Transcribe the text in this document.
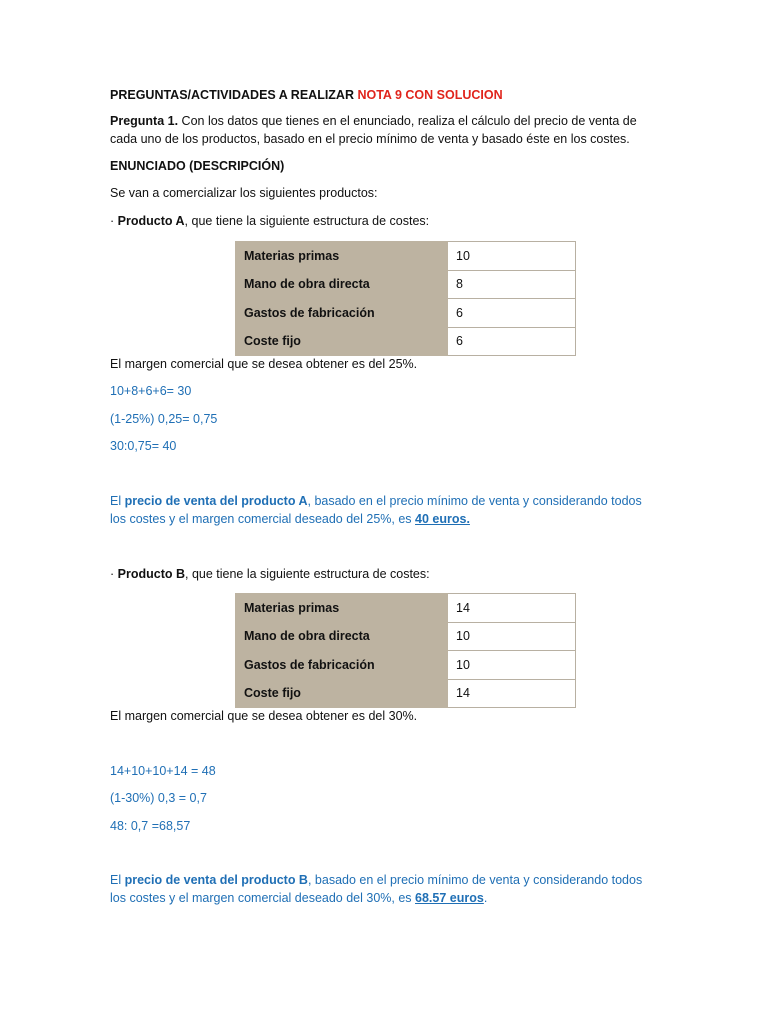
PREGUNTAS/ACTIVIDADES A REALIZAR NOTA 9 CON SOLUCION
Pregunta 1. Con los datos que tienes en el enunciado, realiza el cálculo del precio de venta de
cada uno de los productos, basado en el precio mínimo de venta y basado éste en los costes.
ENUNCIADO (DESCRIPCIÓN)
Se van a comercializar los siguientes productos:
· Producto A, que tiene la siguiente estructura de costes:
Materias primas	10
Mano de obra directa	8
Gastos de fabricación	6
Coste fijo	6
El margen comercial que se desea obtener es del 25%.
10+8+6+6= 30
(1-25%) 0,25= 0,75
30:0,75= 40
El precio de venta del producto A, basado en el precio mínimo de venta y considerando todos
los costes y el margen comercial deseado del 25%, es 40 euros.
· Producto B, que tiene la siguiente estructura de costes:
Materias primas	14
Mano de obra directa	10
Gastos de fabricación	10
Coste fijo	14
El margen comercial que se desea obtener es del 30%.
14+10+10+14 = 48
(1-30%) 0,3 = 0,7
48: 0,7 =68,57
El precio de venta del producto B, basado en el precio mínimo de venta y considerando todos
los costes y el margen comercial deseado del 30%, es 68.57 euros.
